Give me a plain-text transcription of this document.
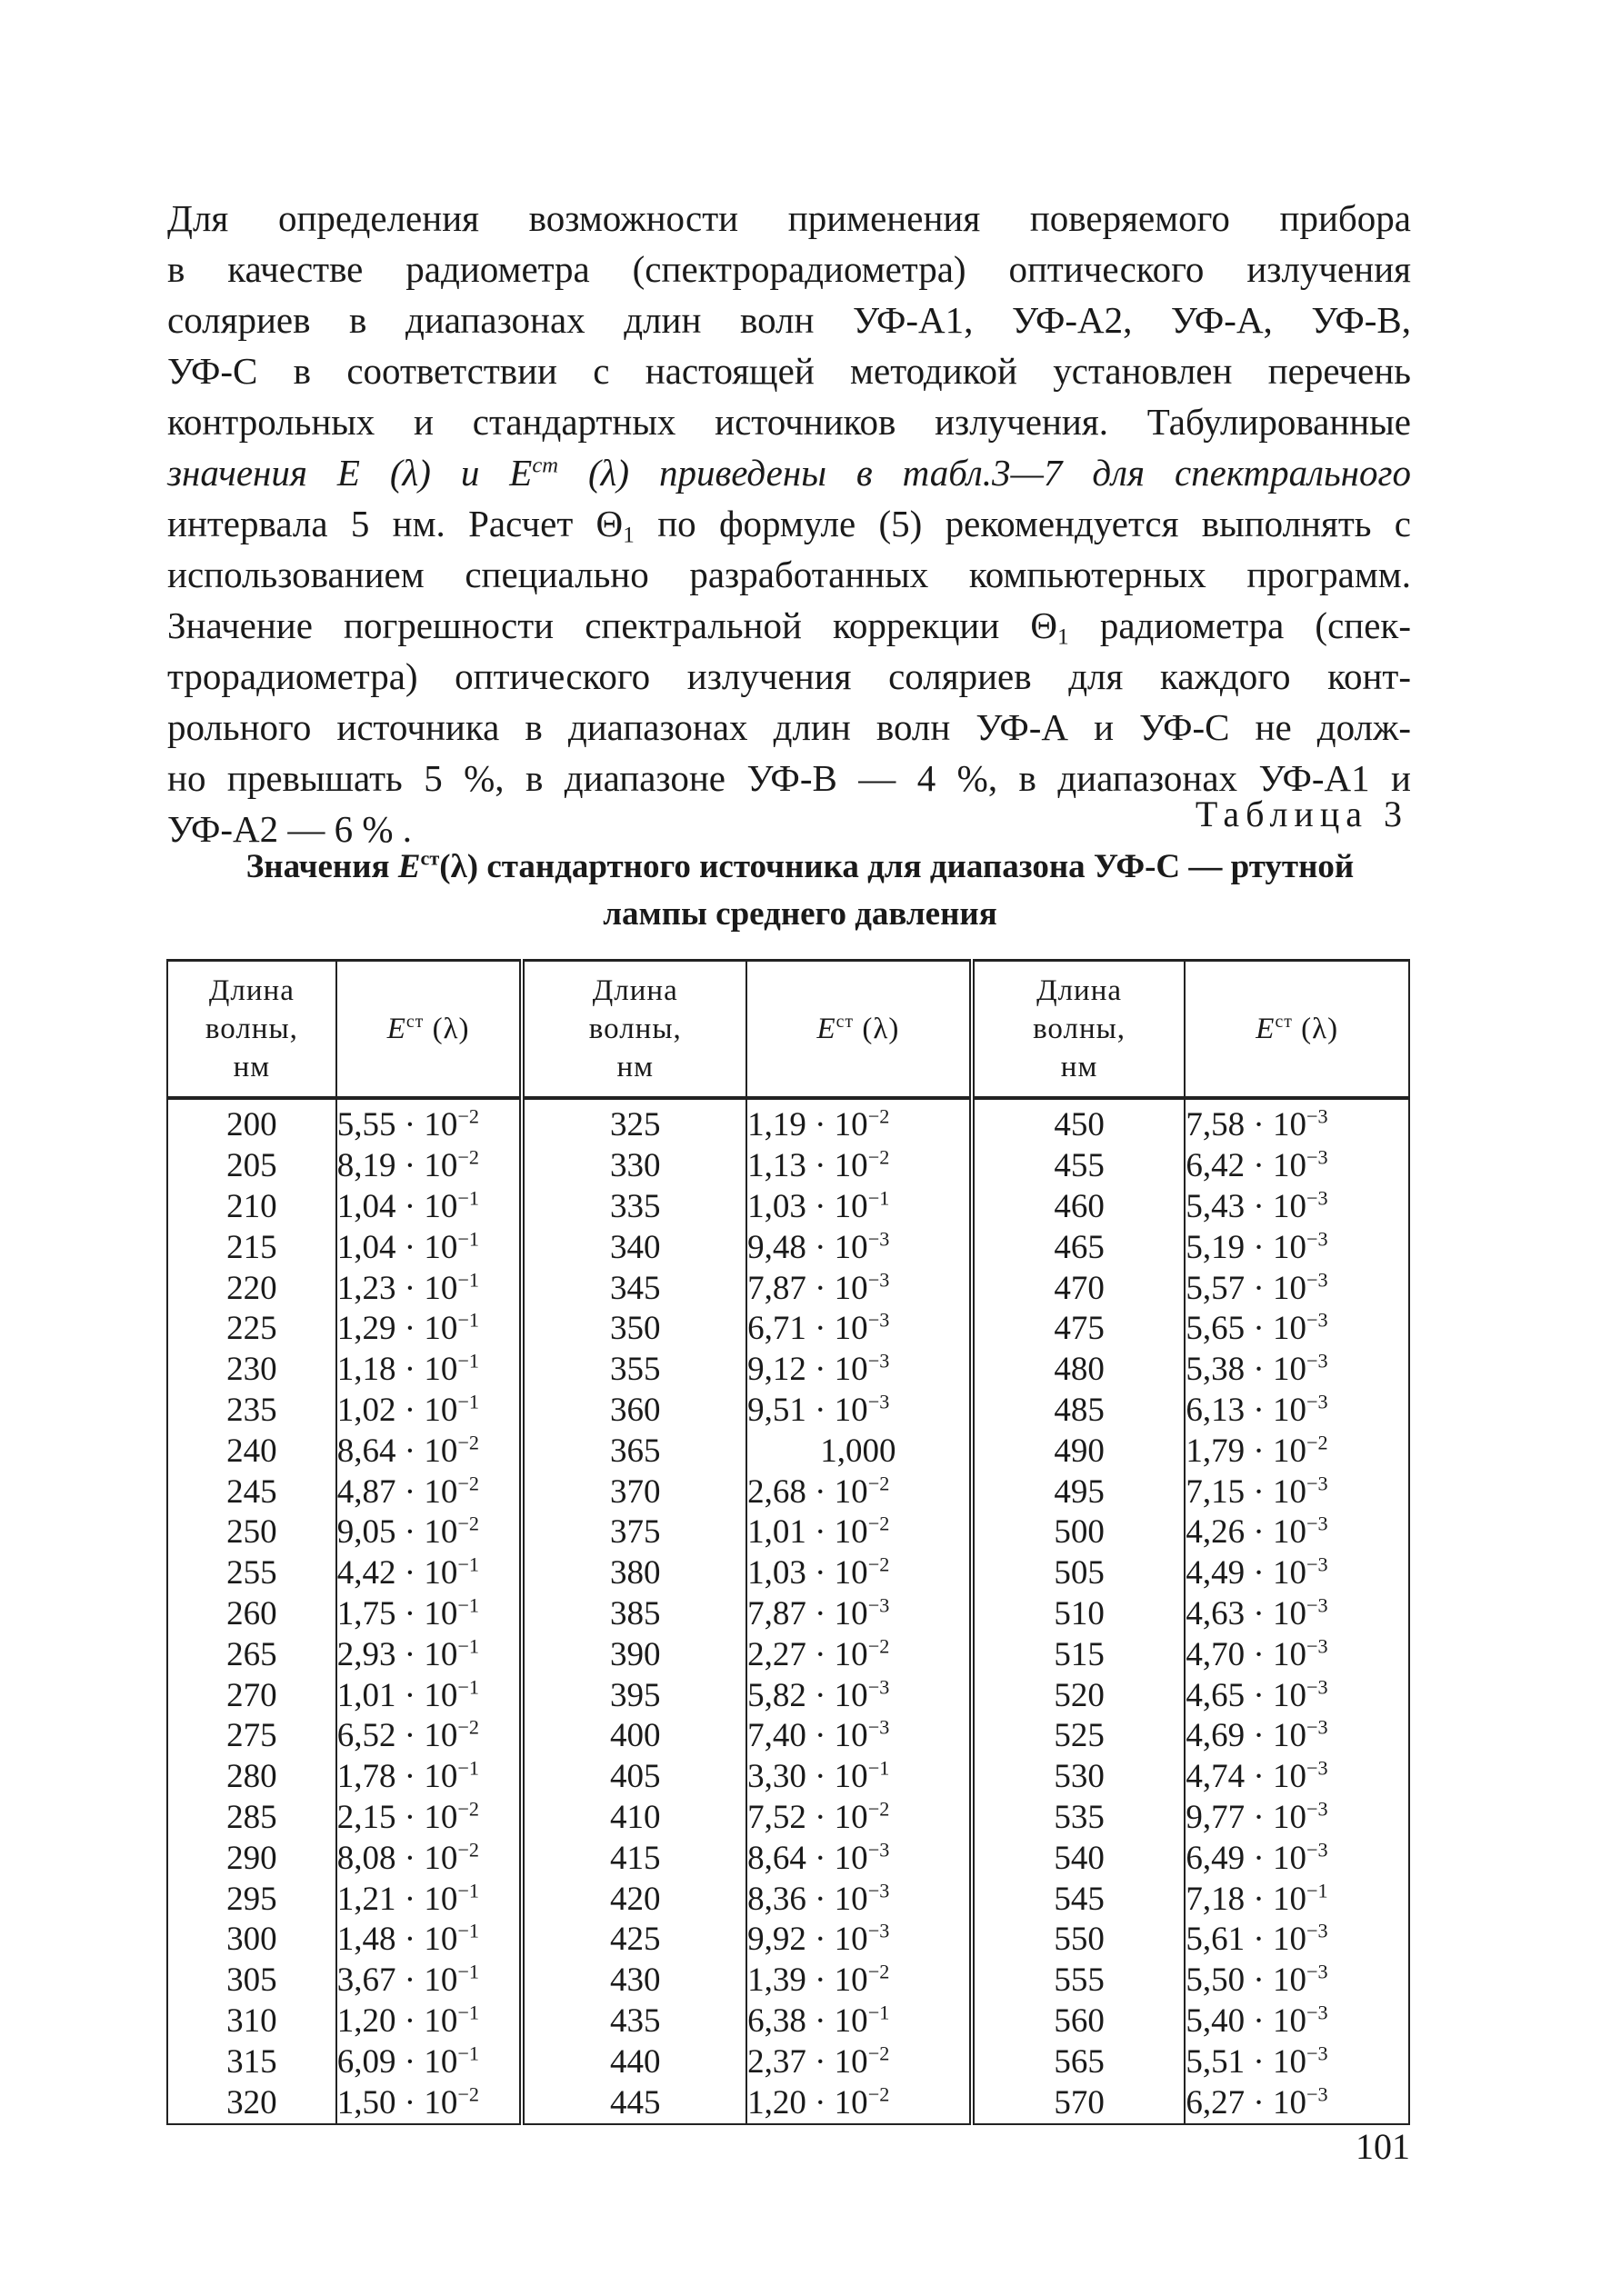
Для определения возможности применения поверяемого прибора
в качестве радиометра (спектрорадиометра) оптического излучения
соляриев в диапазонах длин волн УФ-А1, УФ-А2, УФ-А, УФ-В,
УФ-С в соответствии с настоящей методикой установлен перечень
контрольных и стандартных источников излучения. Табулированные
значения E (λ) и $E^{ст}$ (λ) приведены в табл.3—7 для спектрального
интервала 5 нм. Расчет $\Theta_1$ по формуле (5) рекомендуется выполнять с
использованием специально разработанных компьютерных программ.
Значение погрешности спектральной коррекции $\Theta_1$ радиометра (спек-
трорадиометра) оптического излучения соляриев для каждого конт-
рольного источника в диапазонах длин волн УФ-А и УФ-С не долж-
но превышать 5 %, в диапазоне УФ-В — 4 %, в диапазонах УФ-А1 и
УФ-А2 — 6 % .	Таблица 3
Значения $E^{ст}(\lambda)$ стандартного источника для диапазона УФ-С — ртутной
лампы среднего давления
Длина
волны,
нм	$E^{ст}$ (λ)	Длина
волны,
нм	$E^{ст}$ (λ)	Длина
волны,
нм	$E^{ст}$ (λ)
200	$5,55 \cdot 10^{-2}$	325	$1,19 \cdot 10^{-2}$	450	$7,58 \cdot 10^{-3}$
205	$8,19 \cdot 10^{-2}$	330	$1,13 \cdot 10^{-2}$	455	$6,42 \cdot 10^{-3}$
210	$1,04 \cdot 10^{-1}$	335	$1,03 \cdot 10^{-1}$	460	$5,43 \cdot 10^{-3}$
215	$1,04 \cdot 10^{-1}$	340	$9,48 \cdot 10^{-3}$	465	$5,19 \cdot 10^{-3}$
220	$1,23 \cdot 10^{-1}$	345	$7,87 \cdot 10^{-3}$	470	$5,57 \cdot 10^{-3}$
225	$1,29 \cdot 10^{-1}$	350	$6,71 \cdot 10^{-3}$	475	$5,65 \cdot 10^{-3}$
230	$1,18 \cdot 10^{-1}$	355	$9,12 \cdot 10^{-3}$	480	$5,38 \cdot 10^{-3}$
235	$1,02 \cdot 10^{-1}$	360	$9,51 \cdot 10^{-3}$	485	$6,13 \cdot 10^{-3}$
240	$8,64 \cdot 10^{-2}$	365	1,000	490	$1,79 \cdot 10^{-2}$
245	$4,87 \cdot 10^{-2}$	370	$2,68 \cdot 10^{-2}$	495	$7,15 \cdot 10^{-3}$
250	$9,05 \cdot 10^{-2}$	375	$1,01 \cdot 10^{-2}$	500	$4,26 \cdot 10^{-3}$
255	$4,42 \cdot 10^{-1}$	380	$1,03 \cdot 10^{-2}$	505	$4,49 \cdot 10^{-3}$
260	$1,75 \cdot 10^{-1}$	385	$7,87 \cdot 10^{-3}$	510	$4,63 \cdot 10^{-3}$
265	$2,93 \cdot 10^{-1}$	390	$2,27 \cdot 10^{-2}$	515	$4,70 \cdot 10^{-3}$
270	$1,01 \cdot 10^{-1}$	395	$5,82 \cdot 10^{-3}$	520	$4,65 \cdot 10^{-3}$
275	$6,52 \cdot 10^{-2}$	400	$7,40 \cdot 10^{-3}$	525	$4,69 \cdot 10^{-3}$
280	$1,78 \cdot 10^{-1}$	405	$3,30 \cdot 10^{-1}$	530	$4,74 \cdot 10^{-3}$
285	$2,15 \cdot 10^{-2}$	410	$7,52 \cdot 10^{-2}$	535	$9,77 \cdot 10^{-3}$
290	$8,08 \cdot 10^{-2}$	415	$8,64 \cdot 10^{-3}$	540	$6,49 \cdot 10^{-3}$
295	$1,21 \cdot 10^{-1}$	420	$8,36 \cdot 10^{-3}$	545	$7,18 \cdot 10^{-1}$
300	$1,48 \cdot 10^{-1}$	425	$9,92 \cdot 10^{-3}$	550	$5,61 \cdot 10^{-3}$
305	$3,67 \cdot 10^{-1}$	430	$1,39 \cdot 10^{-2}$	555	$5,50 \cdot 10^{-3}$
310	$1,20 \cdot 10^{-1}$	435	$6,38 \cdot 10^{-1}$	560	$5,40 \cdot 10^{-3}$
315	$6,09 \cdot 10^{-1}$	440	$2,37 \cdot 10^{-2}$	565	$5,51 \cdot 10^{-3}$
320	$1,50 \cdot 10^{-2}$	445	$1,20 \cdot 10^{-2}$	570	$6,27 \cdot 10^{-3}$
101
